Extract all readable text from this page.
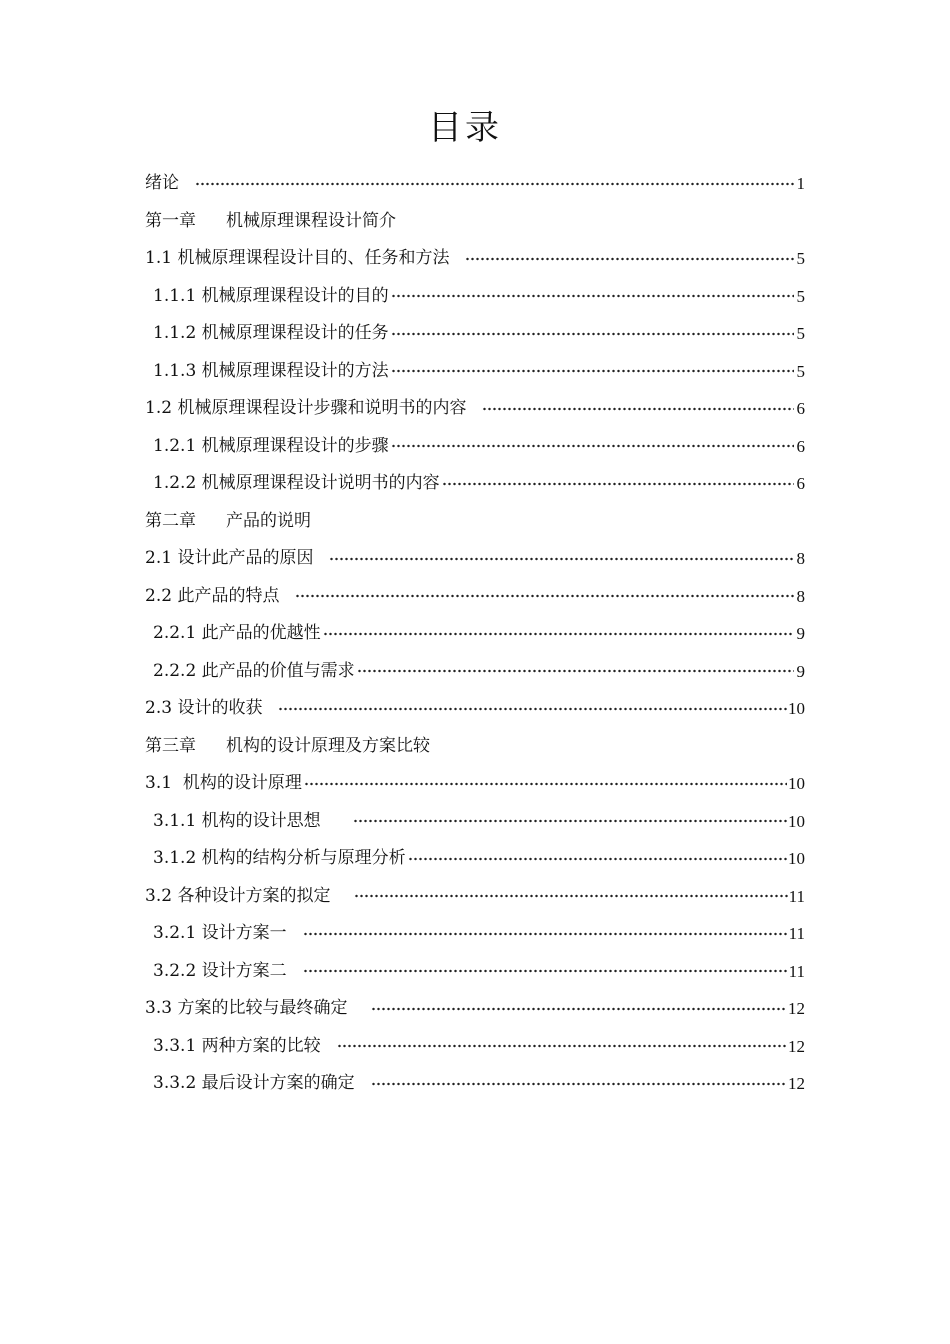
目录
绪论	1
第一章 机械原理课程设计简介
1.1 机械原理课程设计目的、任务和方法	5
1.1.1 机械原理课程设计的目的	5
1.1.2 机械原理课程设计的任务	5
1.1.3 机械原理课程设计的方法	5
1.2 机械原理课程设计步骤和说明书的内容	6
1.2.1 机械原理课程设计的步骤	6
1.2.2 机械原理课程设计说明书的内容	6
第二章 产品的说明
2.1 设计此产品的原因	8
2.2 此产品的特点	8
2.2.1 此产品的优越性	9
2.2.2 此产品的价值与需求	9
2.3 设计的收获	10
第三章 机构的设计原理及方案比较
3.1  机构的设计原理	10
3.1.1 机构的设计思想	10
3.1.2 机构的结构分析与原理分析	10
3.2 各种设计方案的拟定	11
3.2.1 设计方案一	11
3.2.2 设计方案二	11
3.3 方案的比较与最终确定	12
3.3.1 两种方案的比较	12
3.3.2 最后设计方案的确定	12
